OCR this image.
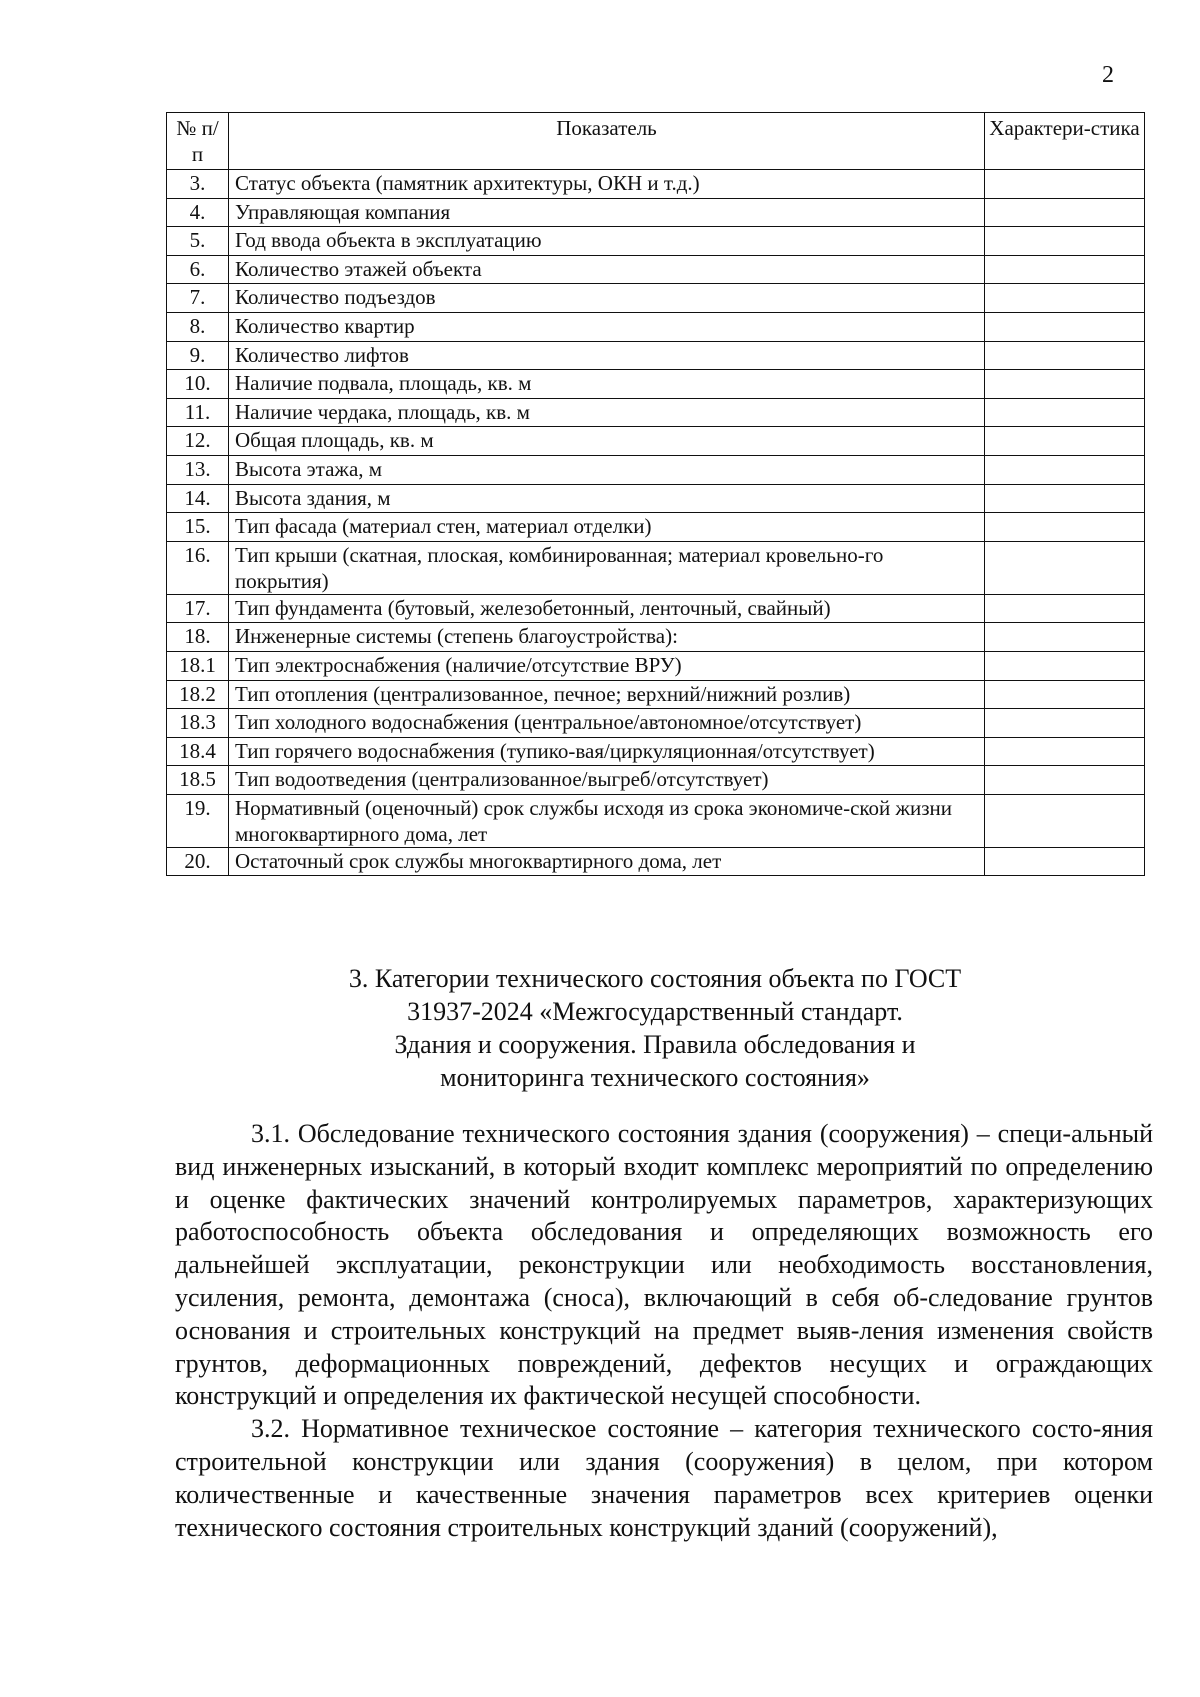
2
№ п/п	Показатель	Характери-стика
3.	Статус объекта (памятник архитектуры, ОКН и т.д.)	
4.	Управляющая компания	
5.	Год ввода объекта в эксплуатацию	
6.	Количество этажей объекта	
7.	Количество подъездов	
8.	Количество квартир	
9.	Количество лифтов	
10.	Наличие подвала, площадь, кв. м	
11.	Наличие чердака, площадь, кв. м	
12.	Общая площадь, кв. м	
13.	Высота этажа, м	
14.	Высота здания, м	
15.	Тип фасада (материал стен, материал отделки)	
16.	Тип крыши (скатная, плоская, комбинированная; материал кровельно-го покрытия)	
17.	Тип фундамента (бутовый, железобетонный, ленточный, свайный)	
18.	Инженерные системы (степень благоустройства):	
18.1	Тип электроснабжения (наличие/отсутствие ВРУ)	
18.2	Тип отопления (централизованное, печное; верхний/нижний розлив)	
18.3	Тип холодного водоснабжения (центральное/автономное/отсутствует)	
18.4	Тип горячего водоснабжения (тупико-вая/циркуляционная/отсутствует)	
18.5	Тип водоотведения (централизованное/выгреб/отсутствует)	
19.	Нормативный (оценочный) срок службы исходя из срока экономиче-ской жизни многоквартирного дома, лет	
20.	Остаточный срок службы многоквартирного дома, лет	
3. Категории технического состояния объекта по ГОСТ
31937-2024 «Межгосударственный стандарт.
Здания и сооружения. Правила обследования и
мониторинга технического состояния»

3.1. Обследование технического состояния здания (сооружения) – специ-альный вид инженерных изысканий, в который входит комплекс мероприятий по определению и оценке фактических значений контролируемых параметров, характеризующих работоспособность объекта обследования и определяющих возможность его дальнейшей эксплуатации, реконструкции или необходимость восстановления, усиления, ремонта, демонтажа (сноса), включающий в себя об-следование грунтов основания и строительных конструкций на предмет выяв-ления изменения свойств грунтов, деформационных повреждений, дефектов несущих и ограждающих конструкций и определения их фактической несущей способности.

3.2. Нормативное техническое состояние – категория технического состо-яния строительной конструкции или здания (сооружения) в целом, при котором количественные и качественные значения параметров всех критериев оценки технического состояния строительных конструкций зданий (сооружений),
